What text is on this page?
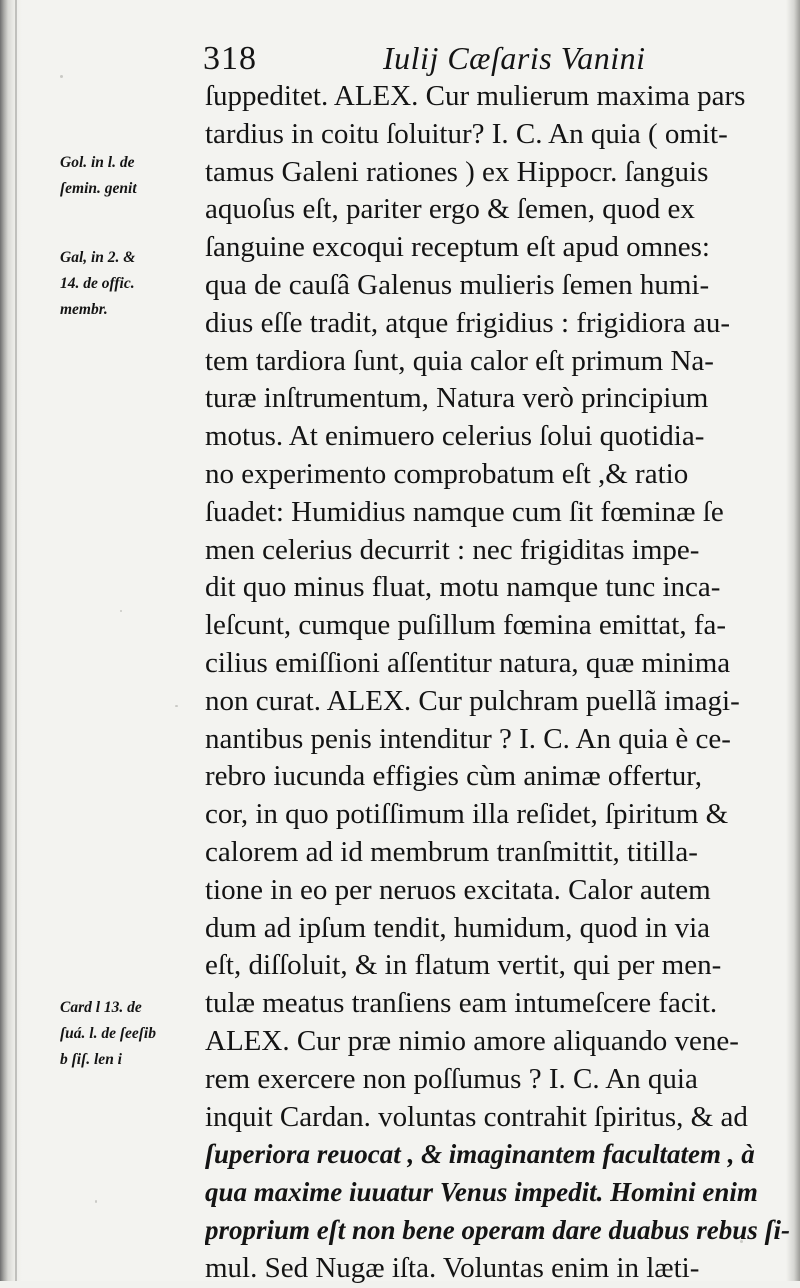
318	Iulij Cæſaris Vanini
ſuppeditet. ALEX. Cur mulierum maxima pars
tardius in coitu ſoluitur? I. C. An quia ( omit-
tamus Galeni rationes ) ex Hippocr. ſanguis
aquoſus eſt, pariter ergo & ſemen, quod ex
ſanguine excoqui receptum eſt apud omnes:
qua de cauſâ Galenus mulieris ſemen humi-
dius eſſe tradit, atque frigidius : frigidiora au-
tem tardiora ſunt, quia calor eſt primum Na-
turæ inſtrumentum, Natura verò principium
motus. At enimuero celerius ſolui quotidia-
no experimento comprobatum eſt ,& ratio
ſuadet: Humidius namque cum ſit fœminæ ſe
men celerius decurrit : nec frigiditas impe-
dit quo minus fluat, motu namque tunc inca-
leſcunt, cumque puſillum fœmina emittat, fa-
cilius emiſſioni aſſentitur natura, quæ minima
non curat. ALEX. Cur pulchram puellã imagi-
nantibus penis intenditur ? I. C. An quia è ce-
rebro iucunda effigies cùm animæ offertur,
cor, in quo potiſſimum illa reſidet, ſpiritum &
calorem ad id membrum tranſmittit, titilla-
tione in eo per neruos excitata. Calor autem
dum ad ipſum tendit, humidum, quod in via
eſt, diſſoluit, & in flatum vertit, qui per men-
tulæ meatus tranſiens eam intumeſcere facit.
ALEX. Cur præ nimio amore aliquando vene-
rem exercere non poſſumus ? I. C. An quia
inquit Cardan. voluntas contrahit ſpiritus, & ad
ſuperiora reuocat , & imaginantem facultatem , à
qua maxime iuuatur Venus impedit. Homini enim
proprium eſt non bene operam dare duabus rebus ſi-
mul. Sed Nugæ iſta. Voluntas enim in læti-
Gol. in l. de
ſemin. genit
Gal, in 2. &
14. de offic.
membr.
Card l 13. de
ſuá. l. de ſeeſib
b ſiſ. len i
